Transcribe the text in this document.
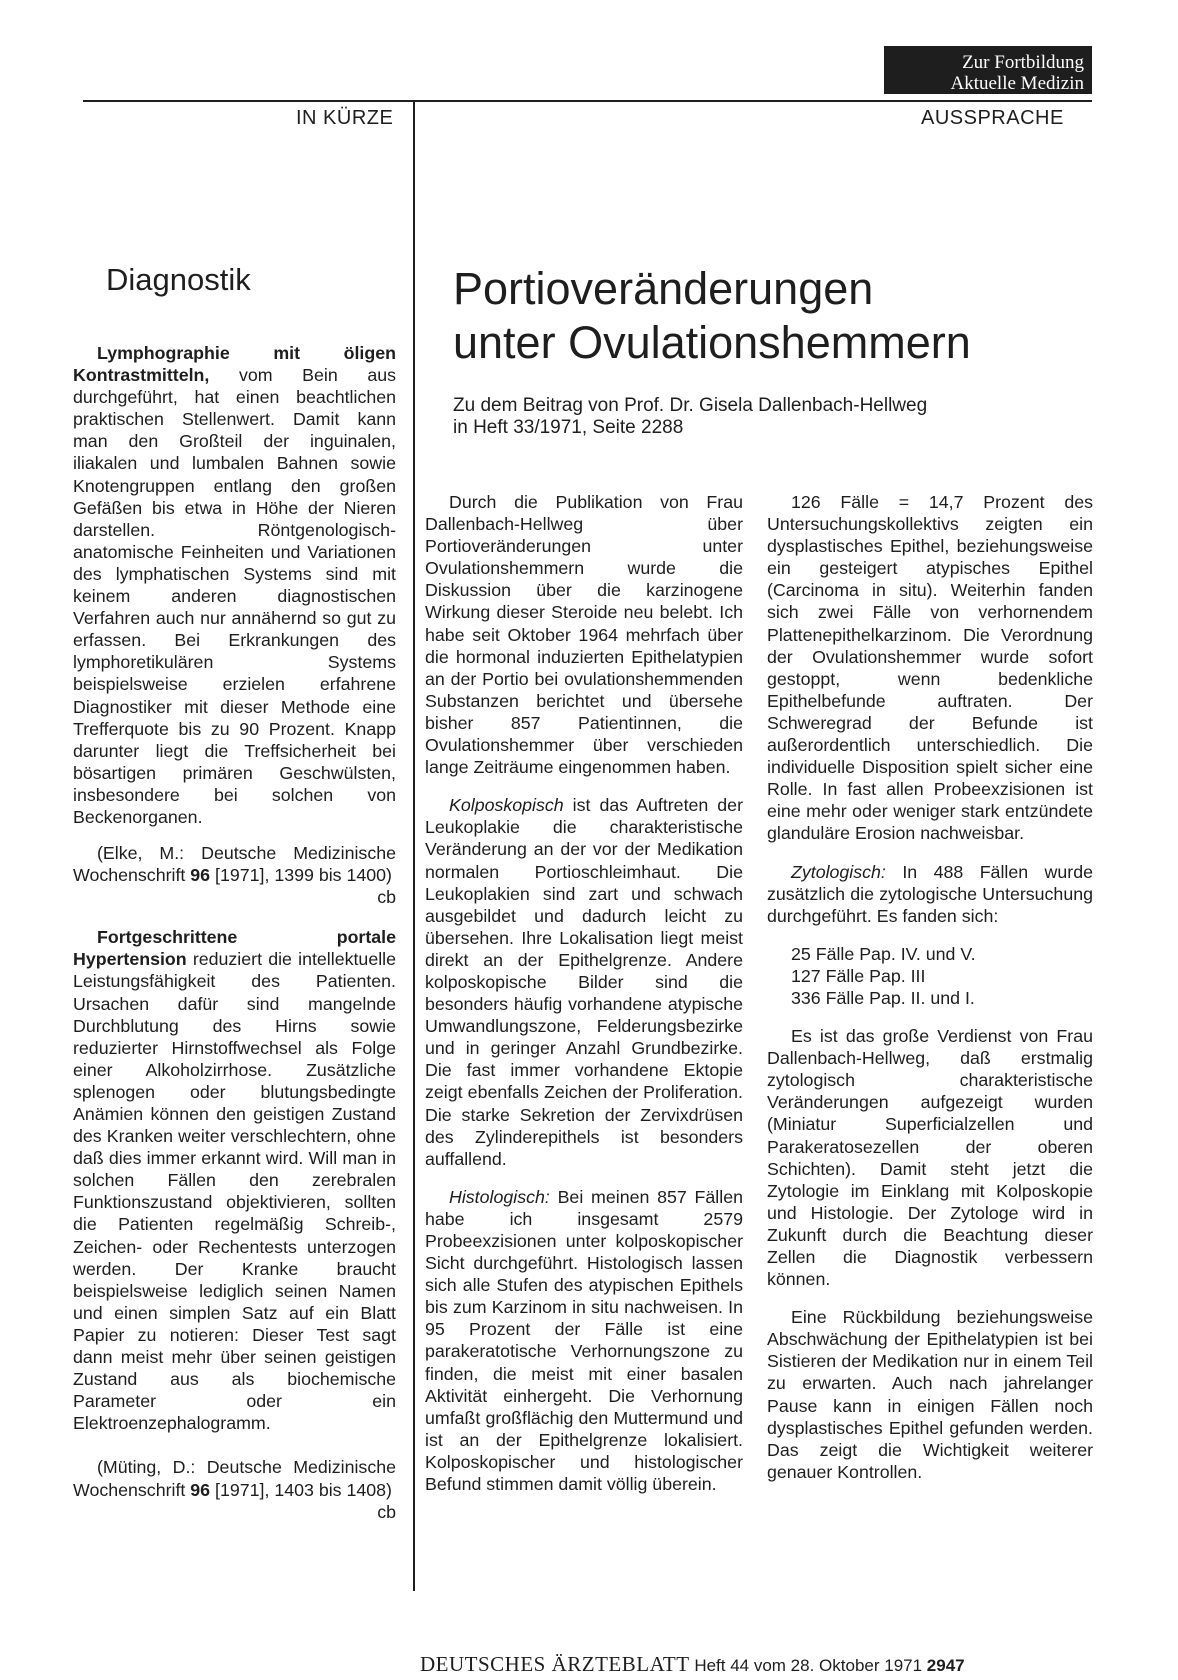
Zur Fortbildung
Aktuelle Medizin
IN KÜRZE	AUSSPRACHE
Diagnostik

Lymphographie mit öligen Kontrastmitteln, vom Bein aus durchgeführt, hat einen beachtlichen praktischen Stellenwert. Damit kann man den Großteil der inguinalen, iliakalen und lumbalen Bahnen sowie Knotengruppen entlang den großen Gefäßen bis etwa in Höhe der Nieren darstellen. Röntgenologisch-anatomische Feinheiten und Variationen des lymphatischen Systems sind mit keinem anderen diagnostischen Verfahren auch nur annähernd so gut zu erfassen. Bei Erkrankungen des lymphoretikulären Systems beispielsweise erzielen erfahrene Diagnostiker mit dieser Methode eine Trefferquote bis zu 90 Prozent. Knapp darunter liegt die Treffsicherheit bei bösartigen primären Geschwülsten, insbesondere bei solchen von Beckenorganen.

(Elke, M.: Deutsche Medizinische Wochenschrift 96 [1971], 1399 bis 1400)
cb

Fortgeschrittene portale Hypertension reduziert die intellektuelle Leistungsfähigkeit des Patienten. Ursachen dafür sind mangelnde Durchblutung des Hirns sowie reduzierter Hirnstoffwechsel als Folge einer Alkoholzirrhose. Zusätzliche splenogen oder blutungsbedingte Anämien können den geistigen Zustand des Kranken weiter verschlechtern, ohne daß dies immer erkannt wird. Will man in solchen Fällen den zerebralen Funktionszustand objektivieren, sollten die Patienten regelmäßig Schreib-, Zeichen- oder Rechentests unterzogen werden. Der Kranke braucht beispielsweise lediglich seinen Namen und einen simplen Satz auf ein Blatt Papier zu notieren: Dieser Test sagt dann meist mehr über seinen geistigen Zustand aus als biochemische Parameter oder ein Elektroenzephalogramm.

(Müting, D.: Deutsche Medizinische Wochenschrift 96 [1971], 1403 bis 1408)
cb

Portioveränderungen
unter Ovulationshemmern
Zu dem Beitrag von Prof. Dr. Gisela Dallenbach-Hellweg
in Heft 33/1971, Seite 2288

Durch die Publikation von Frau Dallenbach-Hellweg über Portioveränderungen unter Ovulationshemmern wurde die Diskussion über die karzinogene Wirkung dieser Steroide neu belebt. Ich habe seit Oktober 1964 mehrfach über die hormonal induzierten Epithelatypien an der Portio bei ovulationshemmenden Substanzen berichtet und übersehe bisher 857 Patientinnen, die Ovulationshemmer über verschieden lange Zeiträume eingenommen haben.

Kolposkopisch ist das Auftreten der Leukoplakie die charakteristische Veränderung an der vor der Medikation normalen Portioschleimhaut. Die Leukoplakien sind zart und schwach ausgebildet und dadurch leicht zu übersehen. Ihre Lokalisation liegt meist direkt an der Epithelgrenze. Andere kolposkopische Bilder sind die besonders häufig vorhandene atypische Umwandlungszone, Felderungsbezirke und in geringer Anzahl Grundbezirke. Die fast immer vorhandene Ektopie zeigt ebenfalls Zeichen der Proliferation. Die starke Sekretion der Zervixdrüsen des Zylinderepithels ist besonders auffallend.

Histologisch: Bei meinen 857 Fällen habe ich insgesamt 2579 Probeexzisionen unter kolposkopischer Sicht durchgeführt. Histologisch lassen sich alle Stufen des atypischen Epithels bis zum Karzinom in situ nachweisen. In 95 Prozent der Fälle ist eine parakeratotische Verhornungszone zu finden, die meist mit einer basalen Aktivität einhergeht. Die Verhornung umfaßt großflächig den Muttermund und ist an der Epithelgrenze lokalisiert. Kolposkopischer und histologischer Befund stimmen damit völlig überein.

126 Fälle = 14,7 Prozent des Untersuchungskollektivs zeigten ein dysplastisches Epithel, beziehungsweise ein gesteigert atypisches Epithel (Carcinoma in situ). Weiterhin fanden sich zwei Fälle von verhornendem Plattenepithelkarzinom. Die Verordnung der Ovulationshemmer wurde sofort gestoppt, wenn bedenkliche Epithelbefunde auftraten. Der Schweregrad der Befunde ist außerordentlich unterschiedlich. Die individuelle Disposition spielt sicher eine Rolle. In fast allen Probeexzisionen ist eine mehr oder weniger stark entzündete glanduläre Erosion nachweisbar.

Zytologisch: In 488 Fällen wurde zusätzlich die zytologische Untersuchung durchgeführt. Es fanden sich:

25 Fälle Pap. IV. und V.
127 Fälle Pap. III
336 Fälle Pap. II. und I.

Es ist das große Verdienst von Frau Dallenbach-Hellweg, daß erstmalig zytologisch charakteristische Veränderungen aufgezeigt wurden (Miniatur Superficialzellen und Parakeratosezellen der oberen Schichten). Damit steht jetzt die Zytologie im Einklang mit Kolposkopie und Histologie. Der Zytologe wird in Zukunft durch die Beachtung dieser Zellen die Diagnostik verbessern können.

Eine Rückbildung beziehungsweise Abschwächung der Epithelatypien ist bei Sistieren der Medikation nur in einem Teil zu erwarten. Auch nach jahrelanger Pause kann in einigen Fällen noch dysplastisches Epithel gefunden werden. Das zeigt die Wichtigkeit weiterer genauer Kontrollen.

DEUTSCHES ÄRZTEBLATT Heft 44 vom 28. Oktober 1971 2947
